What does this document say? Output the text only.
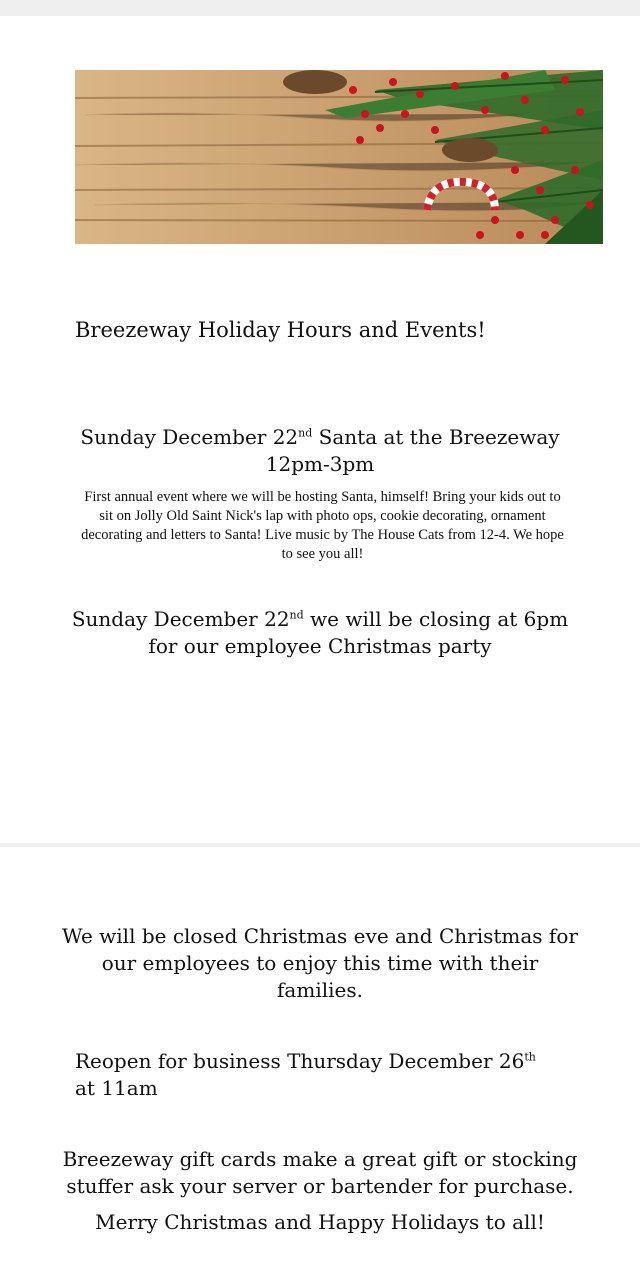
Breezeway Holiday Hours and Events!
Sunday December 22nd Santa at the Breezeway
12pm-3pm
First annual event where we will be hosting Santa, himself! Bring your kids out to sit on Jolly Old Saint Nick's lap with photo ops, cookie decorating, ornament decorating and letters to Santa! Live music by The House Cats from 12-4. We hope to see you all!
Sunday December 22nd we will be closing at 6pm for our employee Christmas party
We will be closed Christmas eve and Christmas for our employees to enjoy this time with their families.
Reopen for business Thursday December 26th at 11am
Breezeway gift cards make a great gift or stocking stuffer ask your server or bartender for purchase.
Merry Christmas and Happy Holidays to all!
